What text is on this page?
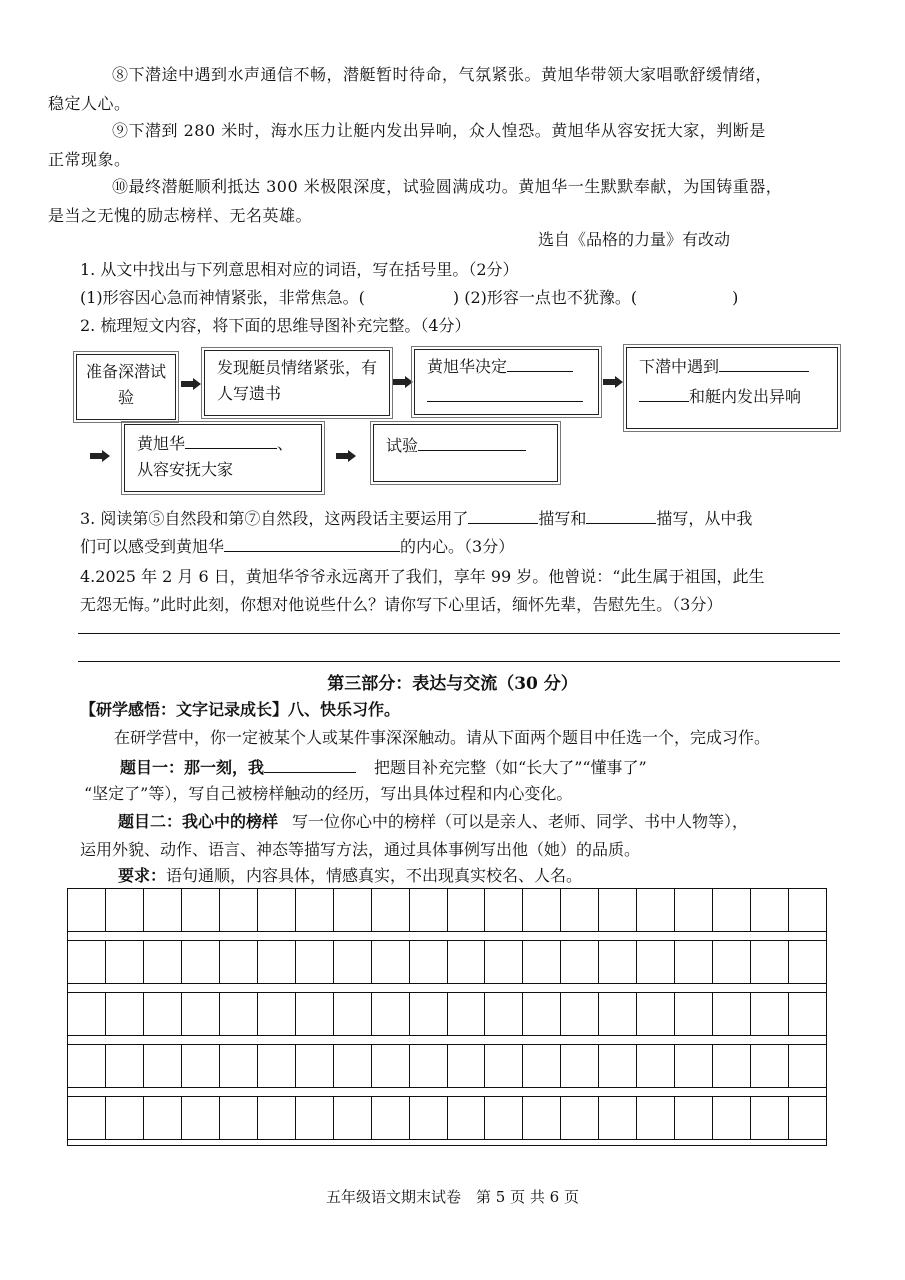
⑧下潜途中遇到水声通信不畅，潜艇暂时待命，气氛紧张。黄旭华带领大家唱歌舒缓情绪，
稳定人心。
⑨下潜到 280 米时，海水压力让艇内发出异响，众人惶恐。黄旭华从容安抚大家，判断是
正常现象。
⑩最终潜艇顺利抵达 300 米极限深度，试验圆满成功。黄旭华一生默默奉献，为国铸重器，
是当之无愧的励志榜样、无名英雄。
选自《品格的力量》有改动
1. 从文中找出与下列意思相对应的词语，写在括号里。（2分）
(1)形容因心急而神情紧张，非常焦急。(	) (2)形容一点也不犹豫。(	)
2. 梳理短文内容，将下面的思维导图补充完整。（4分）
准备深潜试验
发现艇员情绪紧张，有人写遗书
黄旭华决定	下潜中遇到
和艇内发出异响
黄旭华	、
从容安抚大家
试验
3. 阅读第⑤自然段和第⑦自然段，这两段话主要运用了	描写和	描写，从中我
们可以感受到黄旭华	的内心。（3分）
4.2025 年 2 月 6 日，黄旭华爷爷永远离开了我们，享年 99 岁。他曾说：“此生属于祖国，此生
无怨无悔。”此时此刻，你想对他说些什么？请你写下心里话，缅怀先辈，告慰先生。（3分）
第三部分：表达与交流（30 分）
【研学感悟：文字记录成长】八、快乐习作。
在研学营中，你一定被某个人或某件事深深触动。请从下面两个题目中任选一个，完成习作。
题目一：那一刻，我	把题目补充完整（如“长大了”“懂事了”
“坚定了”等），写自己被榜样触动的经历，写出具体过程和内心变化。
题目二：我心中的榜样 写一位你心中的榜样（可以是亲人、老师、同学、书中人物等），
运用外貌、动作、语言、神态等描写方法，通过具体事例写出他（她）的品质。
要求：语句通顺，内容具体，情感真实，不出现真实校名、人名。
五年级语文期末试卷　第 5 页 共 6 页
